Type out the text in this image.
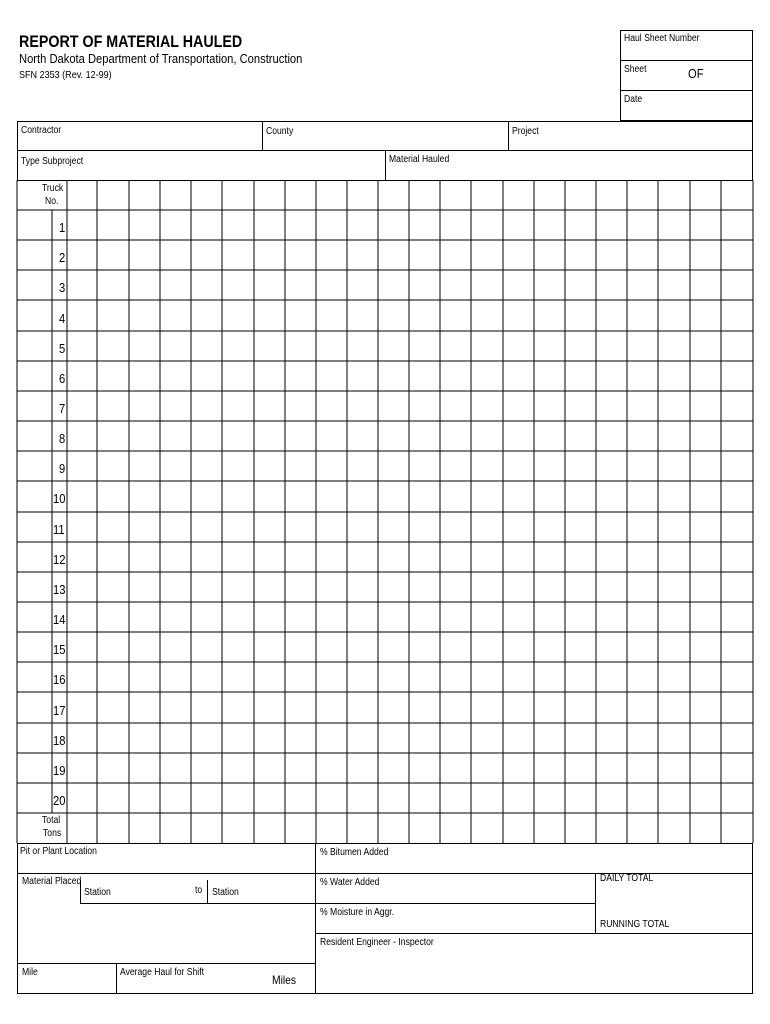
REPORT OF MATERIAL HAULED
North Dakota Department of Transportation, Construction
SFN 2353 (Rev. 12-99)
Haul Sheet Number
Sheet	OF
Date
Contractor	County	Project
Type Subproject	Material Hauled
Truck
No.
1
2
3
4
5
6
7
8
9
10
11
12
13
14
15
16
17
18
19
20
Total
Tons
Pit or Plant Location	% Bitumen Added
Material Placed
Station	to Station
% Water Added	DAILY TOTAL
% Moisture in Aggr.
RUNNING TOTAL
Resident Engineer - Inspector
Mile	Average Haul for Shift
Miles
